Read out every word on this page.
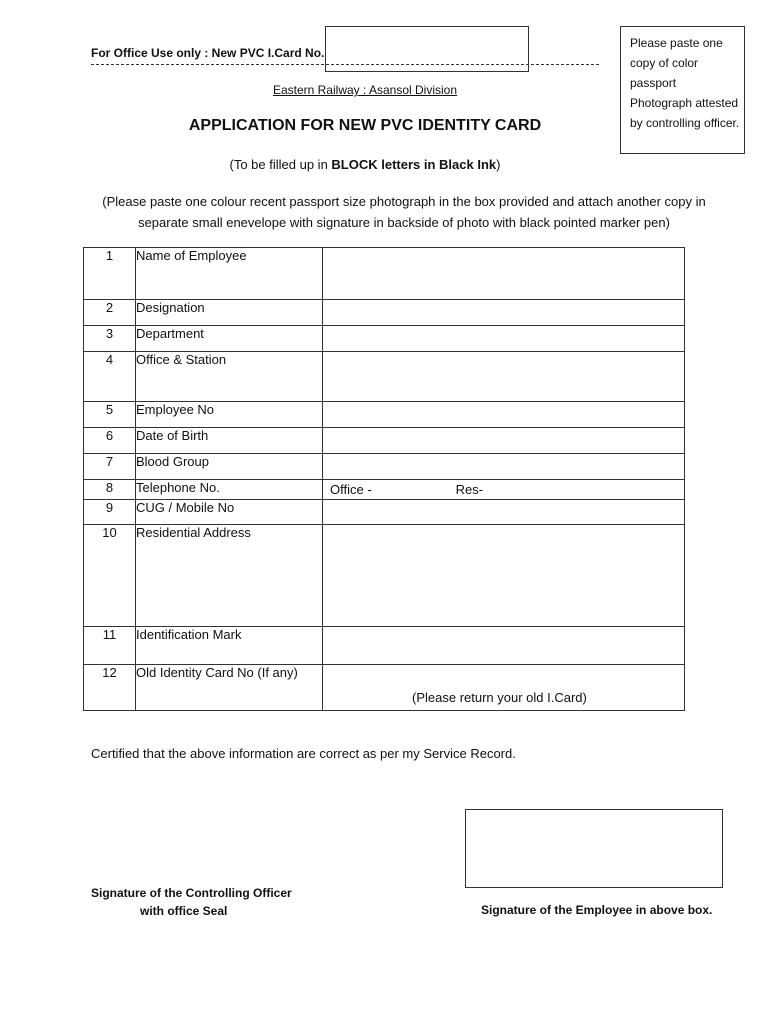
For Office Use only : New PVC I.Card No.
Please paste one copy of color passport Photograph attested by controlling officer.
Eastern Railway : Asansol Division
APPLICATION FOR NEW PVC IDENTITY CARD
(To be filled up in BLOCK letters in Black Ink)
(Please paste one colour recent passport size photograph in the box provided and attach another copy in separate small enevelope with signature in backside of photo with black pointed marker pen)
1	Name of Employee	
2	Designation	
3	Department	
4	Office & Station	
5	Employee No	
6	Date of Birth	
7	Blood Group	
8	Telephone No.	Office - Res-
9	CUG / Mobile No	
10	Residential Address	
11	Identification Mark	
12	Old Identity Card No (If any)	(Please return your old I.Card)
Certified that the above information are correct as per my Service Record.
Signature of the Controlling Officer
with office Seal	Signature of the Employee in above box.
